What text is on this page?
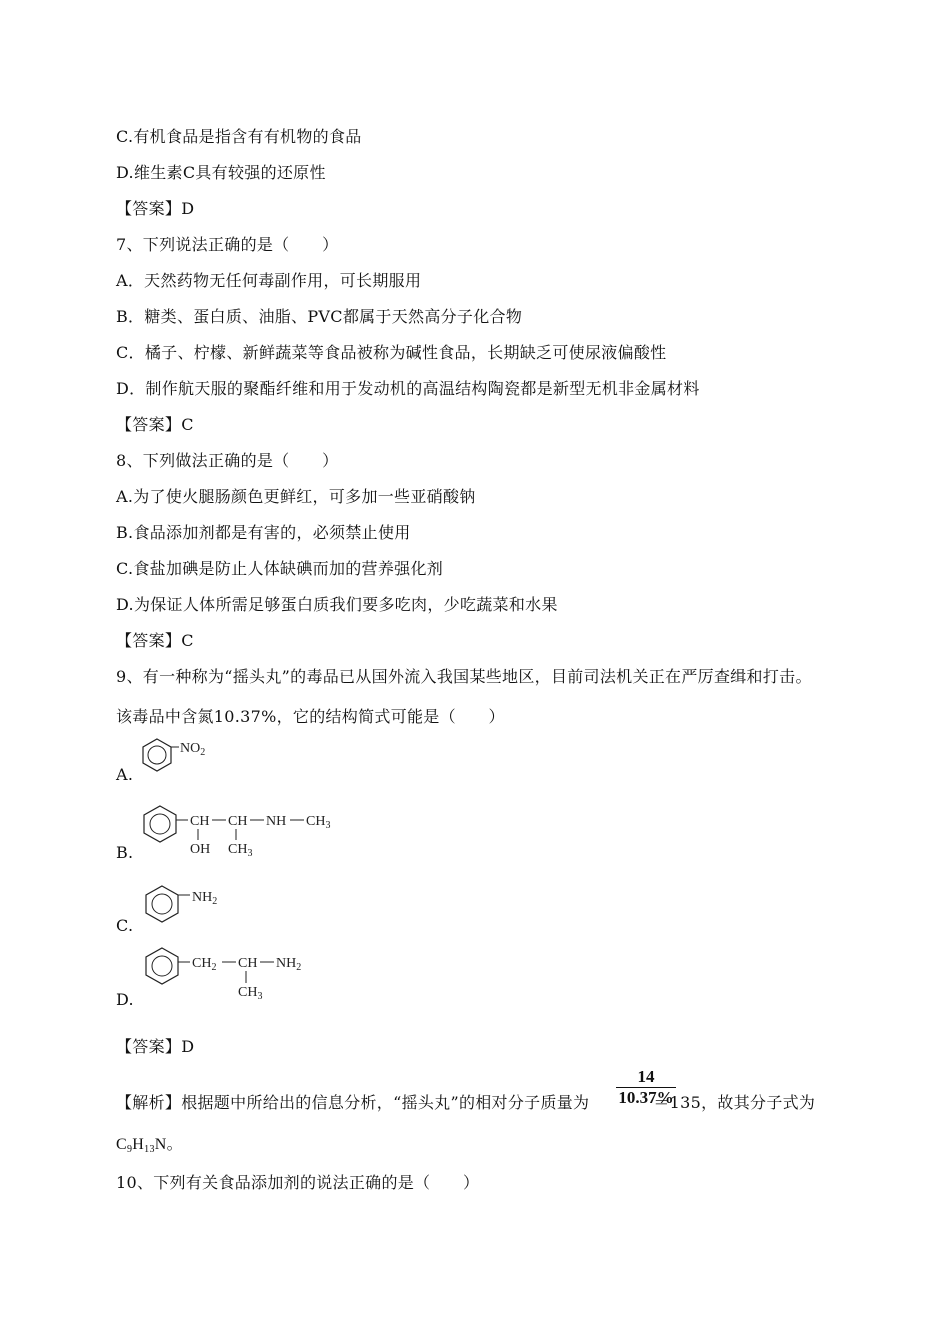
C.有机食品是指含有有机物的食品
D.维生素C具有较强的还原性
【答案】D
7、下列说法正确的是（　　）
A．天然药物无任何毒副作用，可长期服用
B．糖类、蛋白质、油脂、PVC都属于天然高分子化合物
C．橘子、柠檬、新鲜蔬菜等食品被称为碱性食品，长期缺乏可使尿液偏酸性
D．制作航天服的聚酯纤维和用于发动机的高温结构陶瓷都是新型无机非金属材料
【答案】C
8、下列做法正确的是（　　）
A.为了使火腿肠颜色更鲜红，可多加一些亚硝酸钠
B.食品添加剂都是有害的，必须禁止使用
C.食盐加碘是防止人体缺碘而加的营养强化剂
D.为保证人体所需足够蛋白质我们要多吃肉，少吃蔬菜和水果
【答案】C
9、有一种称为“摇头丸”的毒品已从国外流入我国某些地区，目前司法机关正在严厉查缉和打击。
该毒品中含氮10.37%，它的结构简式可能是（　　）
A.
$NO_2$
B.
CH CH NH $CH_3$
OH $CH_3$
C.
$NH_2$
D.
$CH_2$ CH $NH_2$
$CH_3$
【答案】D
【解析】根据题中所给出的信息分析，“摇头丸”的相对分子质量为	＝135，故其分子式为
14
10.37%
C9H13N。
10、下列有关食品添加剂的说法正确的是（　　）
